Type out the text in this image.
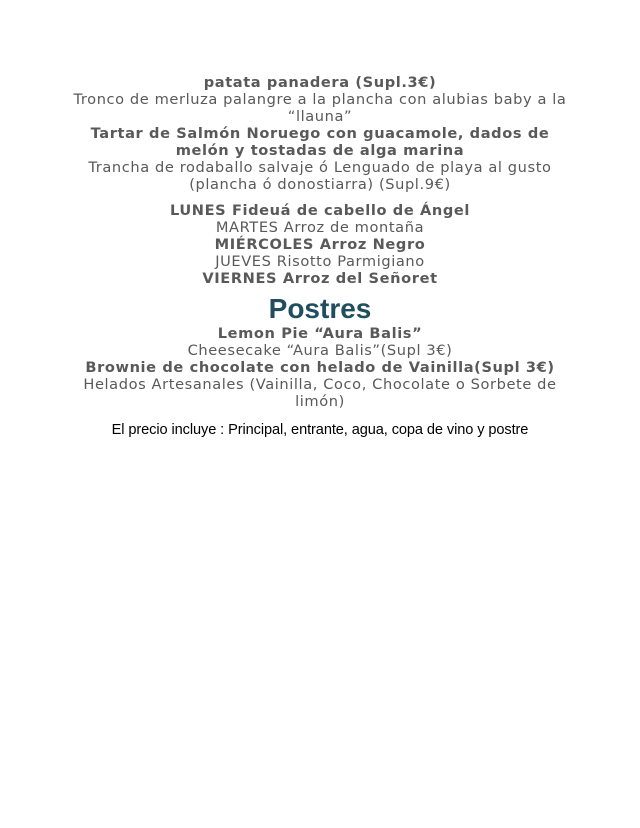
patata panadera (Supl.3€)
Tronco de merluza palangre a la plancha con alubias baby a la “llauna”
Tartar de Salmón Noruego con guacamole, dados de melón y tostadas de alga marina
Trancha de rodaballo salvaje ó Lenguado de playa al gusto (plancha ó donostiarra) (Supl.9€)
LUNES Fideuá de cabello de Ángel
MARTES Arroz de montaña
MIÉRCOLES Arroz Negro
JUEVES Risotto Parmigiano
VIERNES Arroz del Señoret
Postres
Lemon Pie “Aura Balis”
Cheesecake “Aura Balis”(Supl 3€)
Brownie de chocolate con helado de Vainilla(Supl 3€)
Helados Artesanales (Vainilla, Coco, Chocolate o Sorbete de limón)
El precio incluye : Principal, entrante, agua, copa de vino y postre
